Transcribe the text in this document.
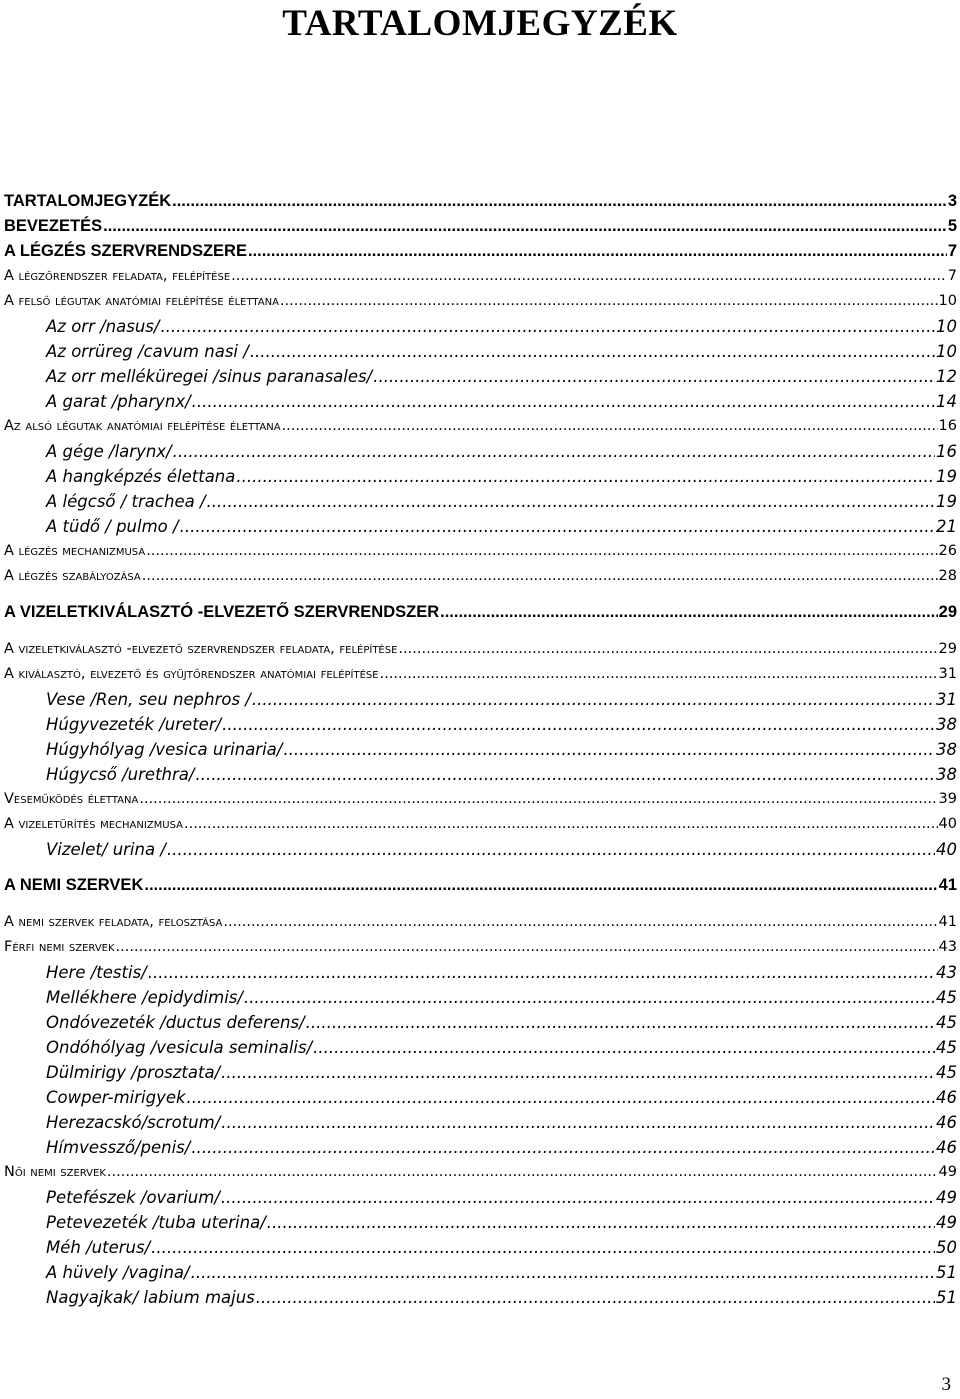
TARTALOMJEGYZÉK
TARTALOMJEGYZÉK .....	3
BEVEZETÉS .....	5
A LÉGZÉS SZERVRENDSZERE .....	7
A légzőrendszer feladata, felépítése .....	7
A felső légutak anatómiai felépítése élettana .....	10
Az orr /nasus/ .....	10
Az orrüreg /cavum nasi / .....	10
Az orr melléküregei /sinus paranasales/ .....	12
A garat /pharynx/ .....	14
Az alsó légutak anatómiai felépítése élettana .....	16
A gége /larynx/ .....	16
A hangképzés élettana .....	19
A légcső / trachea / .....	19
A tüdő / pulmo / .....	21
A légzés mechanizmusa .....	26
A légzés szabályozása .....	28
A VIZELETKIVÁLASZTÓ -ELVEZETŐ SZERVRENDSZER .....	29
A vizeletkiválasztó -elvezető szervrendszer feladata, felépítése .....	29
A kiválasztó, elvezető és gyűjtőrendszer anatómiai felépítése .....	31
Vese /Ren, seu nephros / .....	31
Húgyvezeték /ureter/ .....	38
Húgyhólyag /vesica urinaria/ .....	38
Húgycső /urethra/ .....	38
Veseműködés élettana .....	39
A vizeletürítés mechanizmusa .....	40
Vizelet/ urina / .....	40
A NEMI SZERVEK .....	41
A nemi szervek feladata, felosztása .....	41
Férfi nemi szervek .....	43
Here /testis/ .....	43
Mellékhere /epidydimis/ .....	45
Ondóvezeték /ductus deferens/ .....	45
Ondóhólyag /vesicula seminalis/ .....	45
Dülmirigy /prosztata/ .....	45
Cowper-mirigyek .....	46
Herezacskó/scrotum/ .....	46
Hímvessző/penis/ .....	46
Női nemi szervek .....	49
Petefészek /ovarium/ .....	49
Petevezeték /tuba uterina/ .....	49
Méh /uterus/ .....	50
A hüvely /vagina/ .....	51
Nagyajkak/ labium majus .....	51
3
